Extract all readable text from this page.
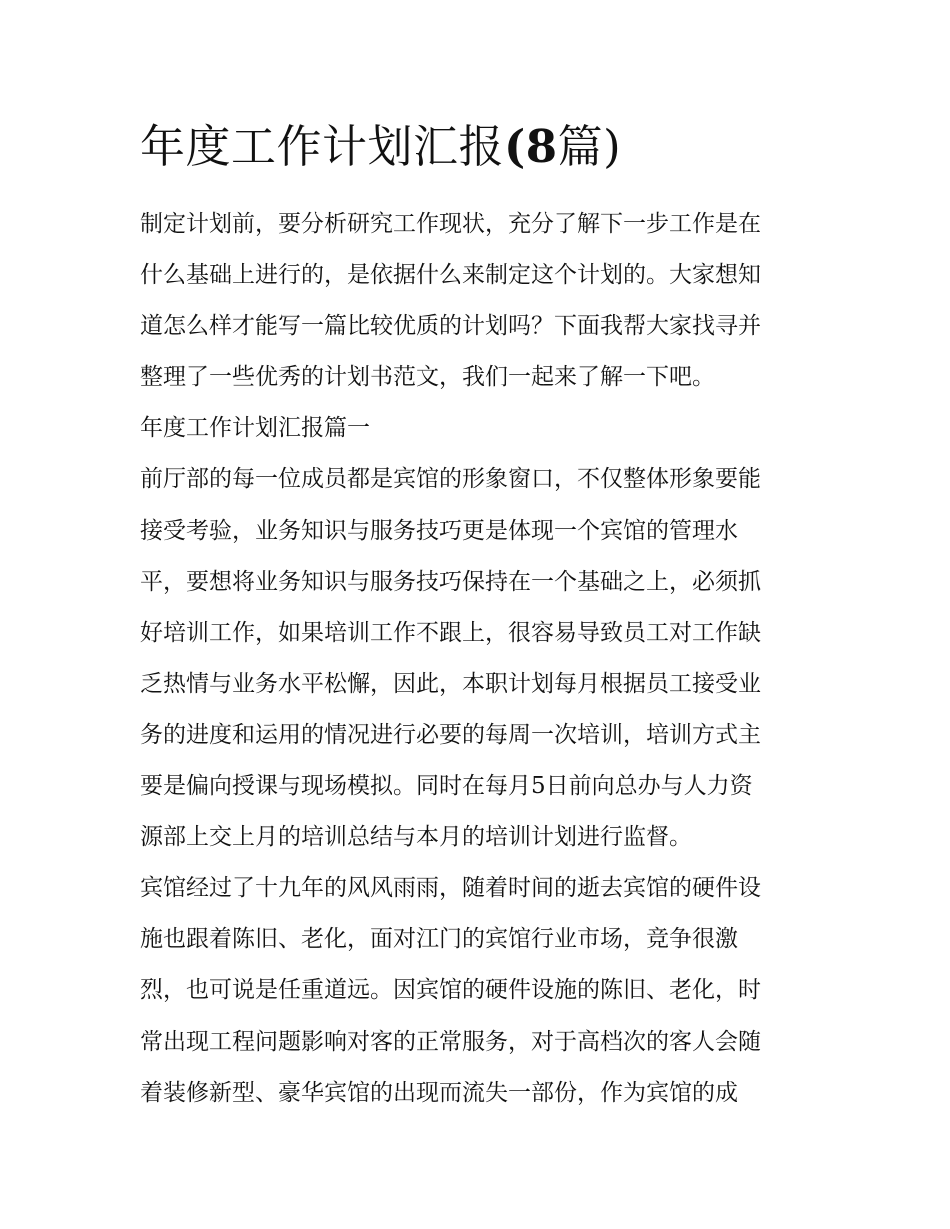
年度工作计划汇报(8篇)
制定计划前，要分析研究工作现状，充分了解下一步工作是在
什么基础上进行的，是依据什么来制定这个计划的。大家想知
道怎么样才能写一篇比较优质的计划吗？下面我帮大家找寻并
整理了一些优秀的计划书范文，我们一起来了解一下吧。
年度工作计划汇报篇一
前厅部的每一位成员都是宾馆的形象窗口，不仅整体形象要能
接受考验，业务知识与服务技巧更是体现一个宾馆的管理水
平，要想将业务知识与服务技巧保持在一个基础之上，必须抓
好培训工作，如果培训工作不跟上，很容易导致员工对工作缺
乏热情与业务水平松懈，因此，本职计划每月根据员工接受业
务的进度和运用的情况进行必要的每周一次培训，培训方式主
要是偏向授课与现场模拟。同时在每月5日前向总办与人力资
源部上交上月的培训总结与本月的培训计划进行监督。
宾馆经过了十九年的风风雨雨，随着时间的逝去宾馆的硬件设
施也跟着陈旧、老化，面对江门的宾馆行业市场，竞争很激
烈，也可说是任重道远。因宾馆的硬件设施的陈旧、老化，时
常出现工程问题影响对客的正常服务，对于高档次的客人会随
着装修新型、豪华宾馆的出现而流失一部份，作为宾馆的成
